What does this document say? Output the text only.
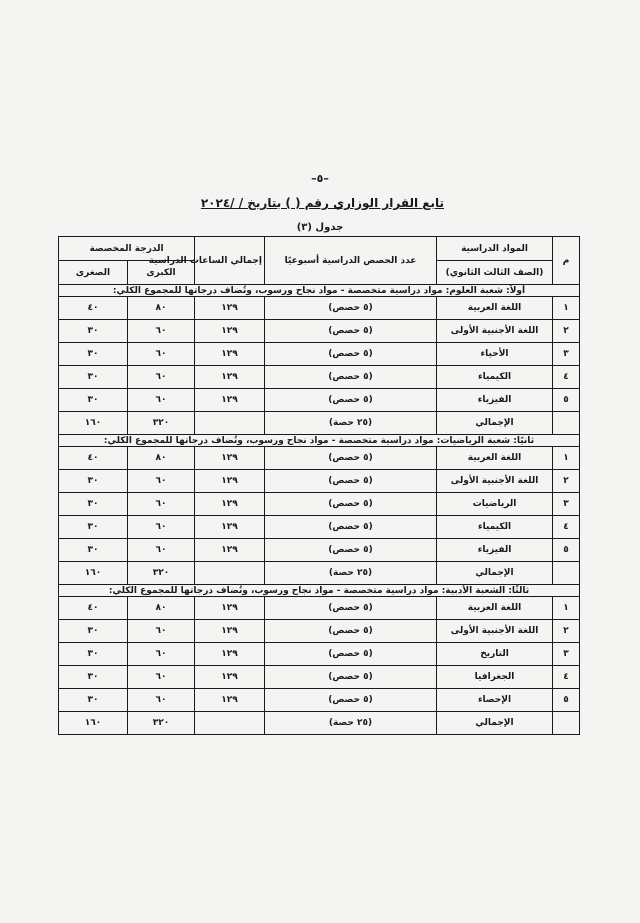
–٥–
تابع القرار الوزاري رقم ( ) بتاريخ / /٢٠٢٤
جدول (٣)
م	المواد الدراسية	عدد الحصص الدراسية أسبوعيًا	إجمالي الساعات الدراسية	الدرجة المخصصة	
	(الصف الثالث الثانوي)			الكبرى	الصغرى
أولاً: شعبة العلوم: مواد دراسية متخصصة - مواد نجاح ورسوب، وتُضاف درجاتها للمجموع الكلي:					
١	اللغة العربية	(٥ حصص)	١٢٩	٨٠	٤٠
٢	اللغة الأجنبية الأولى	(٥ حصص)	١٢٩	٦٠	٣٠
٣	الأحياء	(٥ حصص)	١٢٩	٦٠	٣٠
٤	الكيمياء	(٥ حصص)	١٢٩	٦٠	٣٠
٥	الفيزياء	(٥ حصص)	١٢٩	٦٠	٣٠
	الإجمالي	(٢٥ حصة)		٣٢٠	١٦٠
ثانيًا: شعبة الرياضيات: مواد دراسية متخصصة - مواد نجاح ورسوب، وتُضاف درجاتها للمجموع الكلي:					
١	اللغة العربية	(٥ حصص)	١٢٩	٨٠	٤٠
٢	اللغة الأجنبية الأولى	(٥ حصص)	١٢٩	٦٠	٣٠
٣	الرياضيات	(٥ حصص)	١٢٩	٦٠	٣٠
٤	الكيمياء	(٥ حصص)	١٢٩	٦٠	٣٠
٥	الفيزياء	(٥ حصص)	١٢٩	٦٠	٣٠
	الإجمالي	(٢٥ حصة)		٣٢٠	١٦٠
ثالثًا: الشعبة الأدبية: مواد دراسية متخصصة - مواد نجاح ورسوب، وتُضاف درجاتها للمجموع الكلي:					
١	اللغة العربية	(٥ حصص)	١٢٩	٨٠	٤٠
٢	اللغة الأجنبية الأولى	(٥ حصص)	١٢٩	٦٠	٣٠
٣	التاريخ	(٥ حصص)	١٢٩	٦٠	٣٠
٤	الجغرافيا	(٥ حصص)	١٢٩	٦٠	٣٠
٥	الإحصاء	(٥ حصص)	١٢٩	٦٠	٣٠
	الإجمالي	(٢٥ حصة)		٣٢٠	١٦٠
